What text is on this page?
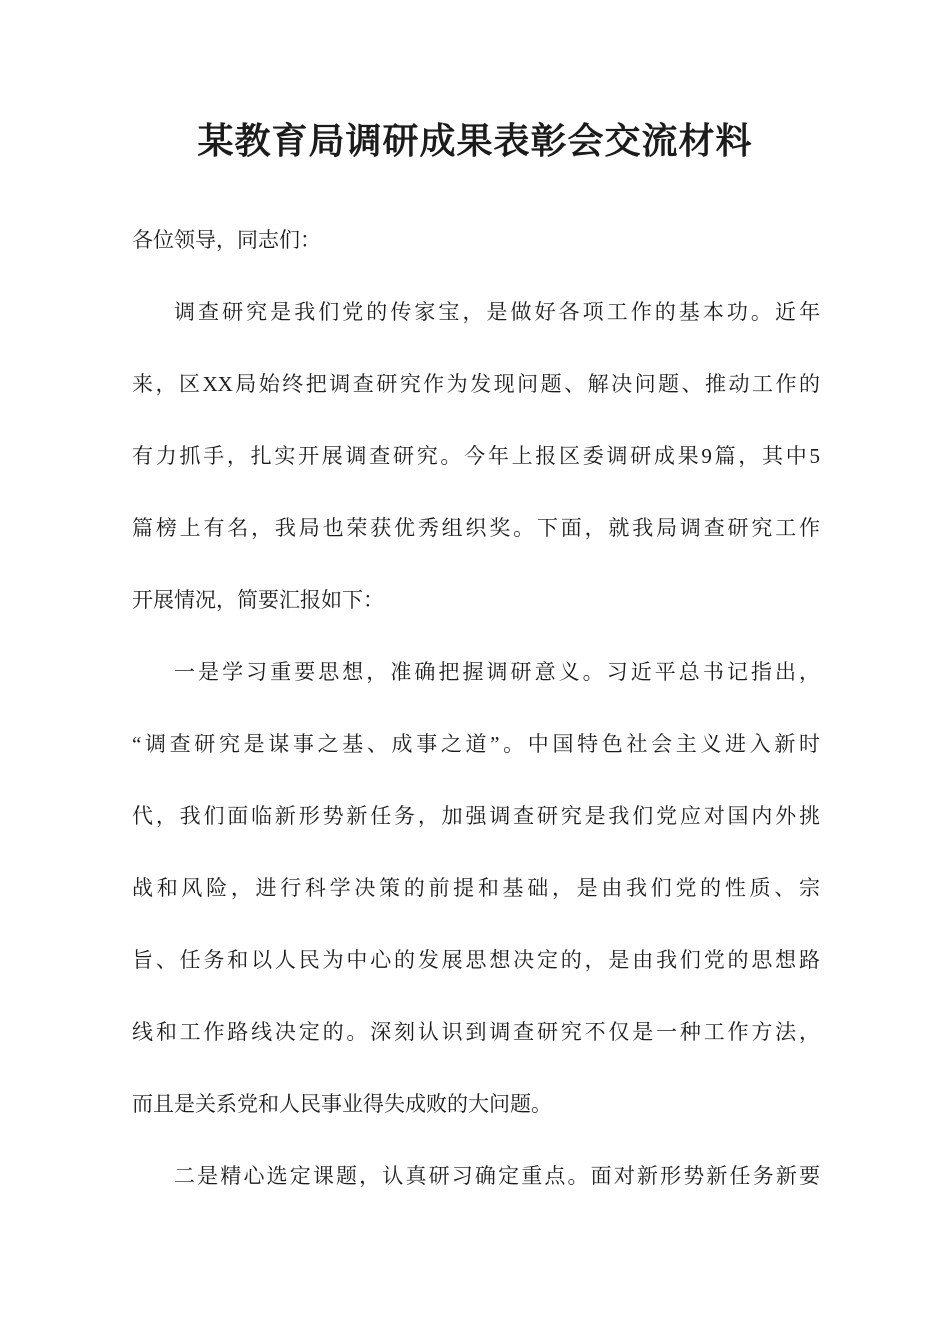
某教育局调研成果表彰会交流材料
各位领导，同志们：
调查研究是我们党的传家宝，是做好各项工作的基本功。近年
来，区XX局始终把调查研究作为发现问题、解决问题、推动工作的
有力抓手，扎实开展调查研究。今年上报区委调研成果9篇，其中5
篇榜上有名，我局也荣获优秀组织奖。下面，就我局调查研究工作
开展情况，简要汇报如下：
一是学习重要思想，准确把握调研意义。习近平总书记指出，
“调查研究是谋事之基、成事之道”。中国特色社会主义进入新时
代，我们面临新形势新任务，加强调查研究是我们党应对国内外挑
战和风险，进行科学决策的前提和基础，是由我们党的性质、宗
旨、任务和以人民为中心的发展思想决定的，是由我们党的思想路
线和工作路线决定的。深刻认识到调查研究不仅是一种工作方法，
而且是关系党和人民事业得失成败的大问题。
二是精心选定课题，认真研习确定重点。面对新形势新任务新要
